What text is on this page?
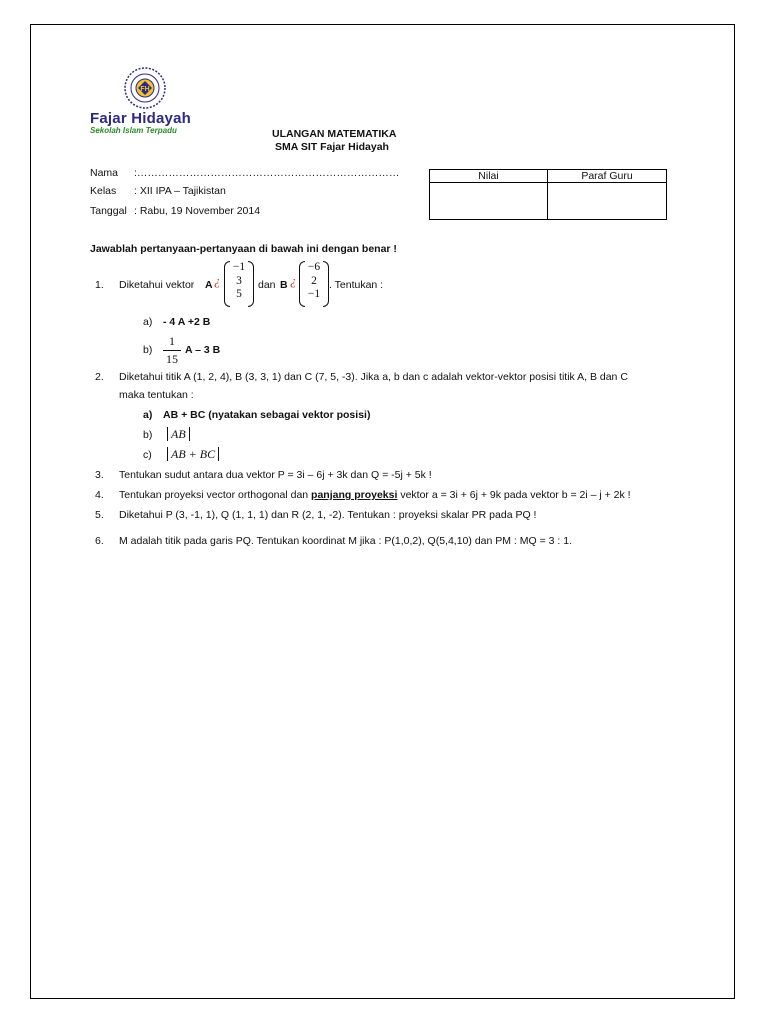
FH
Fajar Hidayah
Sekolah Islam Terpadu	ULANGAN MATEMATIKA
SMA SIT Fajar Hidayah
Nama :…………………………………………………………………
Kelas : XII IPA – Tajikistan
Tanggal : Rabu, 19 November 2014
Nilai	Paraf Guru

Jawablah pertanyaan-pertanyaan di bawah ini dengan benar !
1. Diketahui vektor A ¿
−1
3
5
dan B ¿
−6
2
−1
. Tentukan :
a) - 4 A +2 B
b)
1
15
A – 3 B
2. Diketahui titik A (1, 2, 4), B (3, 3, 1) dan C (7, 5, -3). Jika a, b dan c adalah vektor-vektor posisi titik A, B dan C
maka tentukan :
a) AB + BC (nyatakan sebagai vektor posisi)
b)	AB
c)	AB + BC
3. Tentukan sudut antara dua vektor P = 3i – 6j + 3k dan Q = -5j + 5k !
4. Tentukan proyeksi vector orthogonal dan panjang proyeksi vektor a = 3i + 6j + 9k pada vektor b = 2i – j + 2k !
5. Diketahui P (3, -1, 1), Q (1, 1, 1) dan R (2, 1, -2). Tentukan : proyeksi skalar PR pada PQ !
6. M adalah titik pada garis PQ. Tentukan koordinat M jika : P(1,0,2), Q(5,4,10) dan PM : MQ = 3 : 1.
